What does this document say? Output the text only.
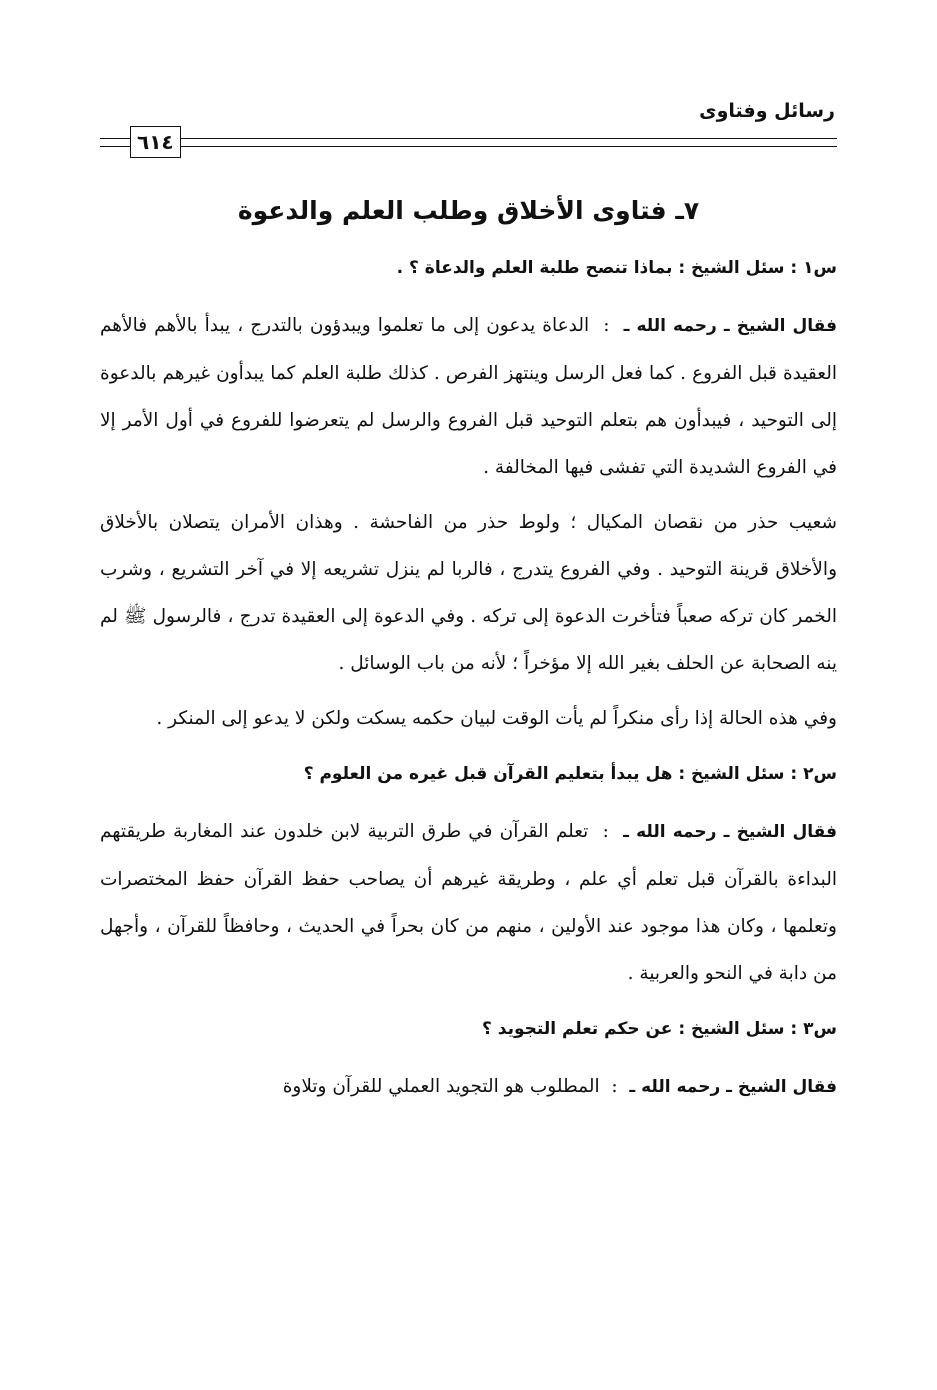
رسائل وفتاوى
٦١٤
٧ـ فتاوى الأخلاق وطلب العلم والدعوة
س١ : سئل الشيخ : بماذا تنصح طلبة العلم والدعاة ؟ .

فقال الشيخ ـ رحمه الله ـ  :  الدعاة يدعون إلى ما تعلموا ويبدؤون بالتدرج ، يبدأ بالأهم فالأهم العقيدة قبل الفروع . كما فعل الرسل وينتهز الفرص . كذلك طلبة العلم كما يبدأون غيرهم بالدعوة إلى التوحيد ، فيبدأون هم بتعلم التوحيد قبل الفروع والرسل لم يتعرضوا للفروع في أول الأمر إلا في الفروع الشديدة التي تفشى فيها المخالفة .

شعيب حذر من نقصان المكيال ؛ ولوط حذر من الفاحشة . وهذان الأمران يتصلان بالأخلاق والأخلاق قرينة التوحيد . وفي الفروع يتدرج ، فالربا لم ينزل تشريعه إلا في آخر التشريع ، وشرب الخمر كان تركه صعباً فتأخرت الدعوة إلى تركه . وفي الدعوة إلى العقيدة تدرج ، فالرسول ﷺ لم ينه الصحابة عن الحلف بغير الله إلا مؤخراً ؛ لأنه من باب الوسائل .

وفي هذه الحالة إذا رأى منكراً لم يأت الوقت لبيان حكمه يسكت ولكن لا يدعو إلى المنكر .

س٢ : سئل الشيخ : هل يبدأ بتعليم القرآن قبل غيره من العلوم ؟

فقال الشيخ ـ رحمه الله ـ  :  تعلم القرآن في طرق التربية لابن خلدون عند المغاربة طريقتهم البداءة بالقرآن قبل تعلم أي علم ، وطريقة غيرهم أن يصاحب حفظ القرآن حفظ المختصرات وتعلمها ، وكان هذا موجود عند الأولين ، منهم من كان بحراً في الحديث ، وحافظاً للقرآن ، وأجهل من دابة في النحو والعربية .

س٣ : سئل الشيخ : عن حكم تعلم التجويد ؟

فقال الشيخ ـ رحمه الله ـ  :  المطلوب هو التجويد العملي للقرآن وتلاوة
